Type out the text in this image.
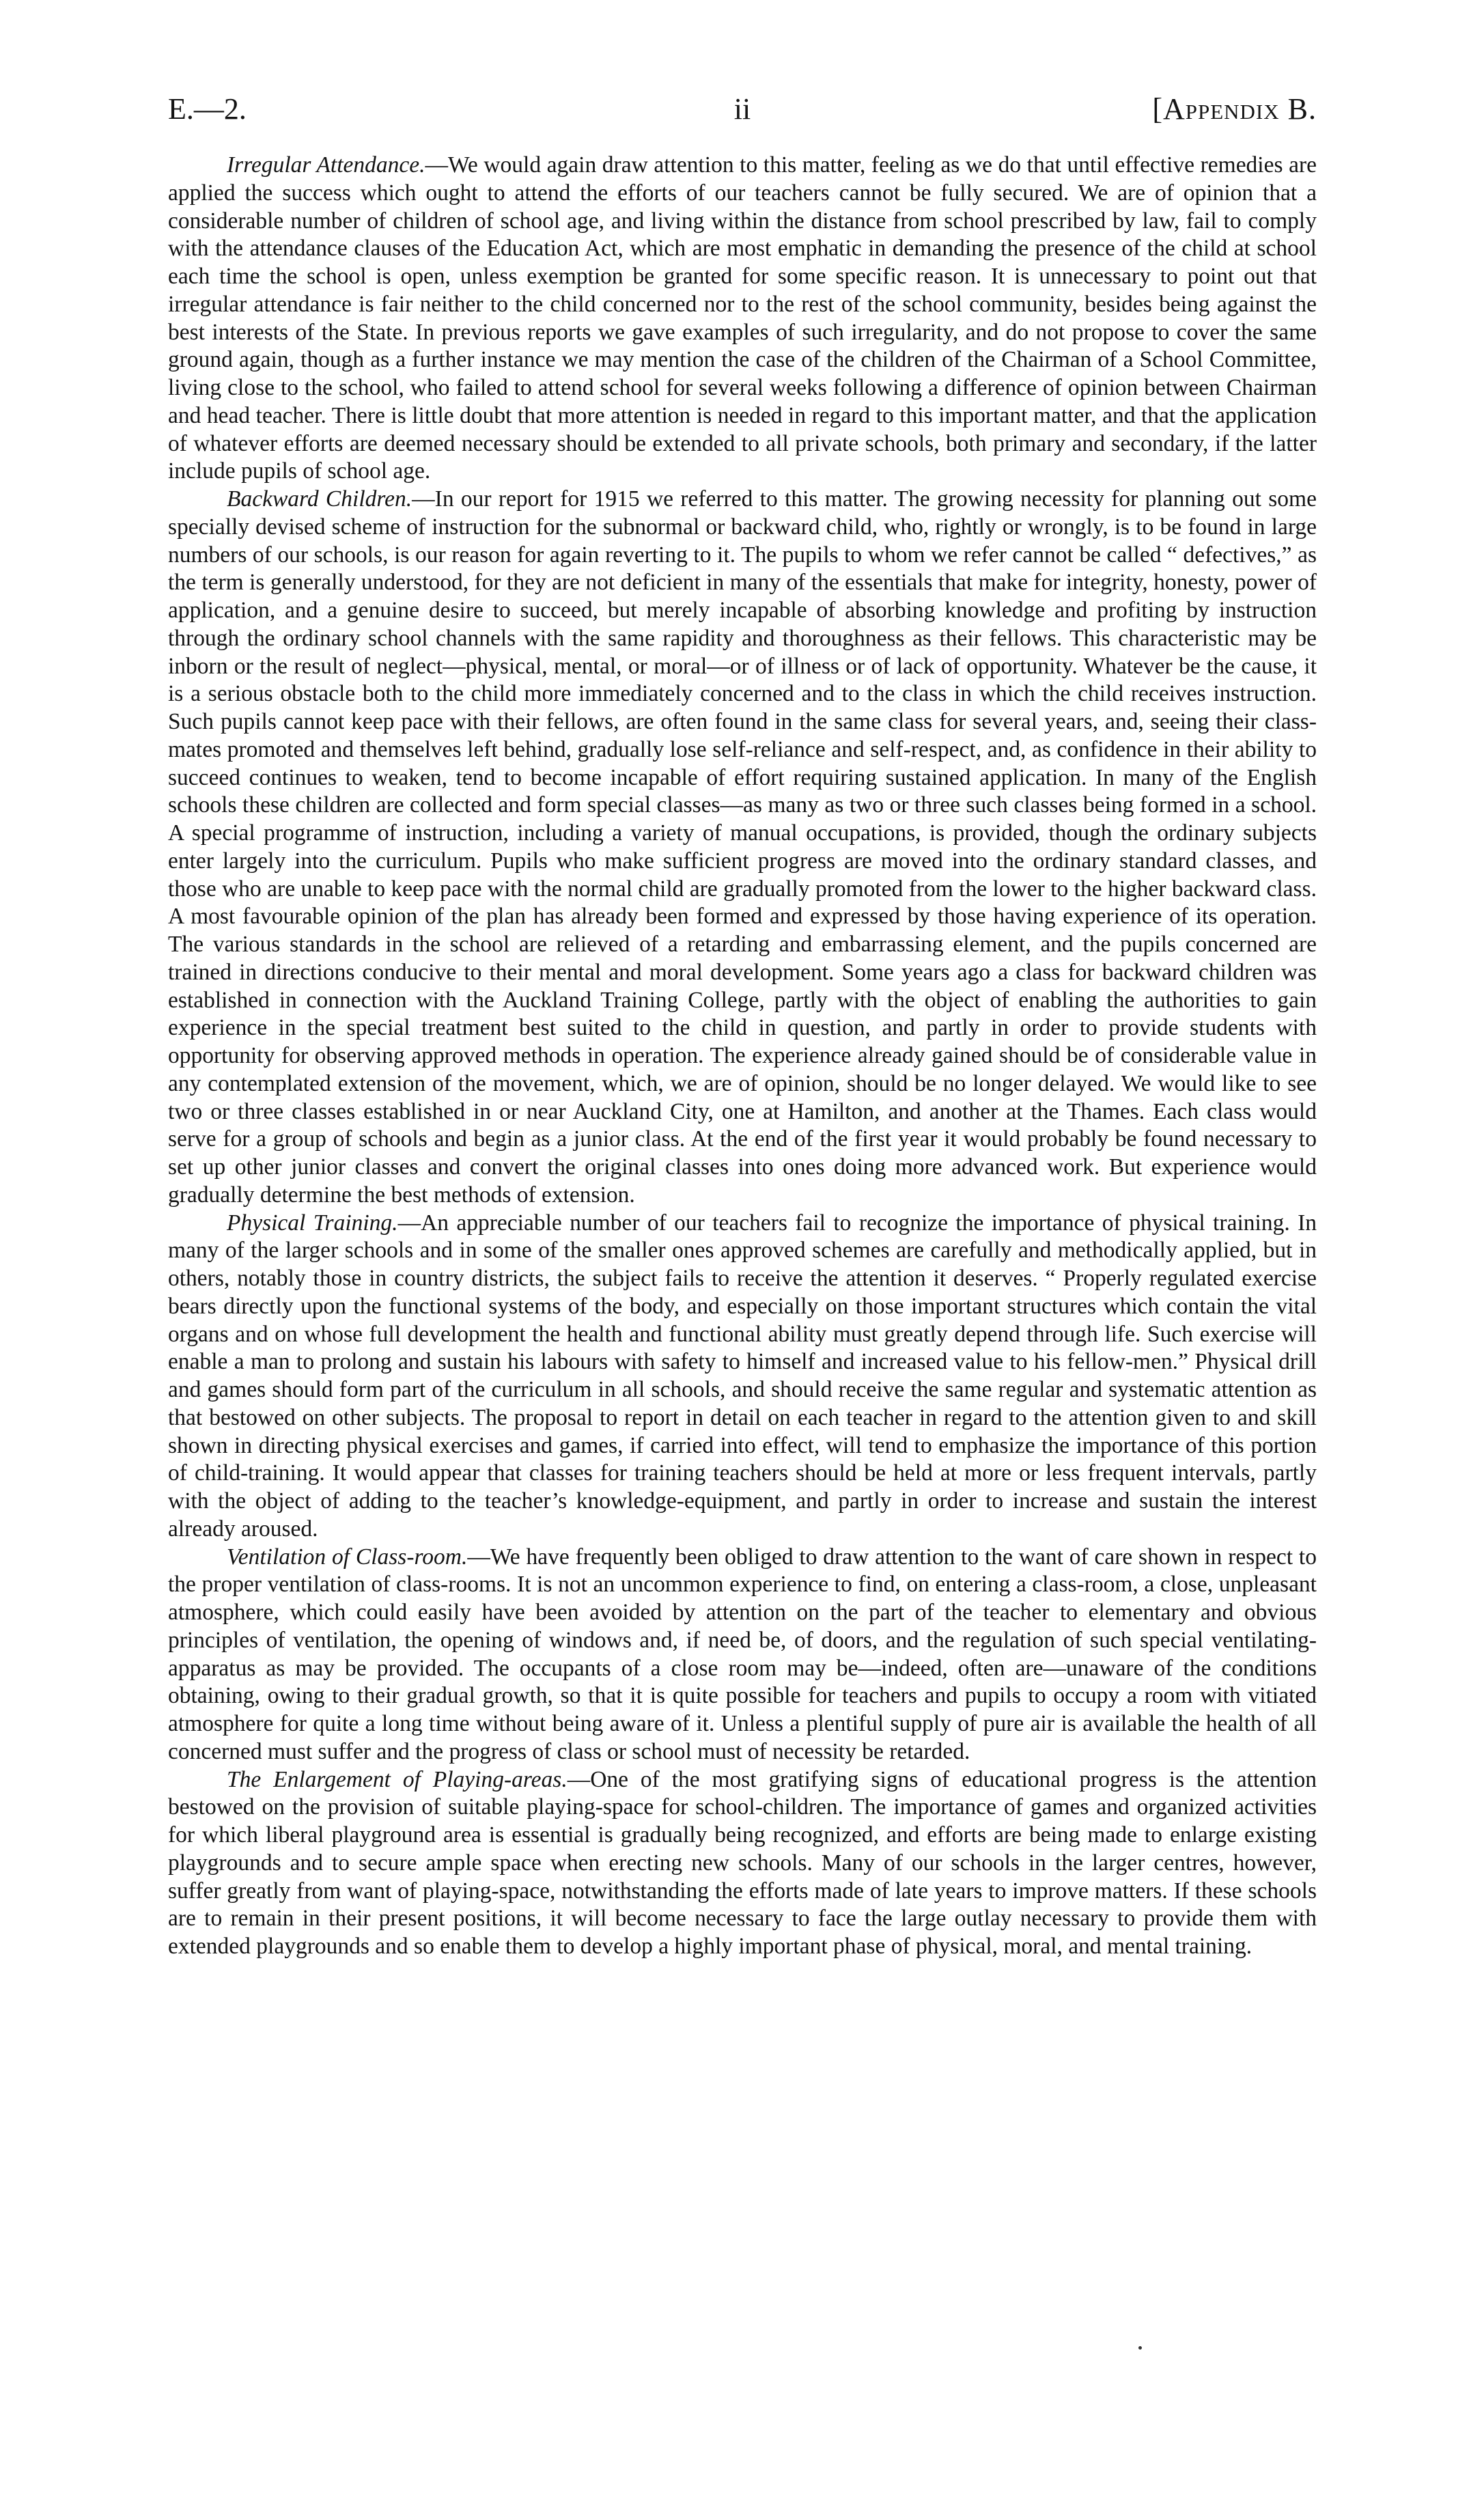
E.—2.	ii	[Appendix B.

Irregular Attendance.—We would again draw attention to this matter, feeling as we do that until effective remedies are applied the success which ought to attend the efforts of our teachers cannot be fully secured. We are of opinion that a considerable number of children of school age, and living within the distance from school prescribed by law, fail to comply with the attendance clauses of the Education Act, which are most emphatic in demanding the presence of the child at school each time the school is open, unless exemption be granted for some specific reason. It is unnecessary to point out that irregular attendance is fair neither to the child concerned nor to the rest of the school community, besides being against the best interests of the State. In previous reports we gave examples of such irregularity, and do not propose to cover the same ground again, though as a further instance we may mention the case of the children of the Chairman of a School Committee, living close to the school, who failed to attend school for several weeks following a difference of opinion between Chairman and head teacher. There is little doubt that more attention is needed in regard to this important matter, and that the application of whatever efforts are deemed necessary should be extended to all private schools, both primary and secondary, if the latter include pupils of school age.

Backward Children.—In our report for 1915 we referred to this matter. The growing necessity for planning out some specially devised scheme of instruction for the subnormal or backward child, who, rightly or wrongly, is to be found in large numbers of our schools, is our reason for again reverting to it. The pupils to whom we refer cannot be called “ defectives,” as the term is generally understood, for they are not deficient in many of the essentials that make for integrity, honesty, power of application, and a genuine desire to succeed, but merely incapable of absorbing knowledge and profiting by instruction through the ordinary school channels with the same rapidity and thoroughness as their fellows. This characteristic may be inborn or the result of neglect—physical, mental, or moral—or of illness or of lack of opportunity. Whatever be the cause, it is a serious obstacle both to the child more immediately concerned and to the class in which the child receives instruction. Such pupils cannot keep pace with their fellows, are often found in the same class for several years, and, seeing their class-mates promoted and themselves left behind, gradually lose self-reliance and self-respect, and, as confidence in their ability to succeed continues to weaken, tend to become incapable of effort requiring sustained application. In many of the English schools these children are collected and form special classes—as many as two or three such classes being formed in a school. A special programme of instruction, including a variety of manual occupations, is provided, though the ordinary subjects enter largely into the curriculum. Pupils who make sufficient progress are moved into the ordinary standard classes, and those who are unable to keep pace with the normal child are gradually promoted from the lower to the higher backward class. A most favourable opinion of the plan has already been formed and expressed by those having experience of its operation. The various standards in the school are relieved of a retarding and embarrassing element, and the pupils concerned are trained in directions conducive to their mental and moral development. Some years ago a class for backward children was established in connection with the Auckland Training College, partly with the object of enabling the authorities to gain experience in the special treatment best suited to the child in question, and partly in order to provide students with opportunity for observing approved methods in operation. The experience already gained should be of considerable value in any contemplated extension of the movement, which, we are of opinion, should be no longer delayed. We would like to see two or three classes established in or near Auckland City, one at Hamilton, and another at the Thames. Each class would serve for a group of schools and begin as a junior class. At the end of the first year it would probably be found necessary to set up other junior classes and convert the original classes into ones doing more advanced work. But experience would gradually determine the best methods of extension.

Physical Training.—An appreciable number of our teachers fail to recognize the importance of physical training. In many of the larger schools and in some of the smaller ones approved schemes are carefully and methodically applied, but in others, notably those in country districts, the subject fails to receive the attention it deserves. “ Properly regulated exercise bears directly upon the functional systems of the body, and especially on those important structures which contain the vital organs and on whose full development the health and functional ability must greatly depend through life. Such exercise will enable a man to prolong and sustain his labours with safety to himself and increased value to his fellow-men.” Physical drill and games should form part of the curriculum in all schools, and should receive the same regular and systematic attention as that bestowed on other subjects. The proposal to report in detail on each teacher in regard to the attention given to and skill shown in directing physical exercises and games, if carried into effect, will tend to emphasize the importance of this portion of child-training. It would appear that classes for training teachers should be held at more or less frequent intervals, partly with the object of adding to the teacher’s knowledge-equipment, and partly in order to increase and sustain the interest already aroused.

Ventilation of Class-room.—We have frequently been obliged to draw attention to the want of care shown in respect to the proper ventilation of class-rooms. It is not an uncommon experience to find, on entering a class-room, a close, unpleasant atmosphere, which could easily have been avoided by attention on the part of the teacher to elementary and obvious principles of ventilation, the opening of windows and, if need be, of doors, and the regulation of such special ventilating-apparatus as may be provided. The occupants of a close room may be—indeed, often are—unaware of the conditions obtaining, owing to their gradual growth, so that it is quite possible for teachers and pupils to occupy a room with vitiated atmosphere for quite a long time without being aware of it. Unless a plentiful supply of pure air is available the health of all concerned must suffer and the progress of class or school must of necessity be retarded.

The Enlargement of Playing-areas.—One of the most gratifying signs of educational progress is the attention bestowed on the provision of suitable playing-space for school-children. The importance of games and organized activities for which liberal playground area is essential is gradually being recognized, and efforts are being made to enlarge existing playgrounds and to secure ample space when erecting new schools. Many of our schools in the larger centres, however, suffer greatly from want of playing-space, notwithstanding the efforts made of late years to improve matters. If these schools are to remain in their present positions, it will become necessary to face the large outlay necessary to provide them with extended playgrounds and so enable them to develop a highly important phase of physical, moral, and mental training.
